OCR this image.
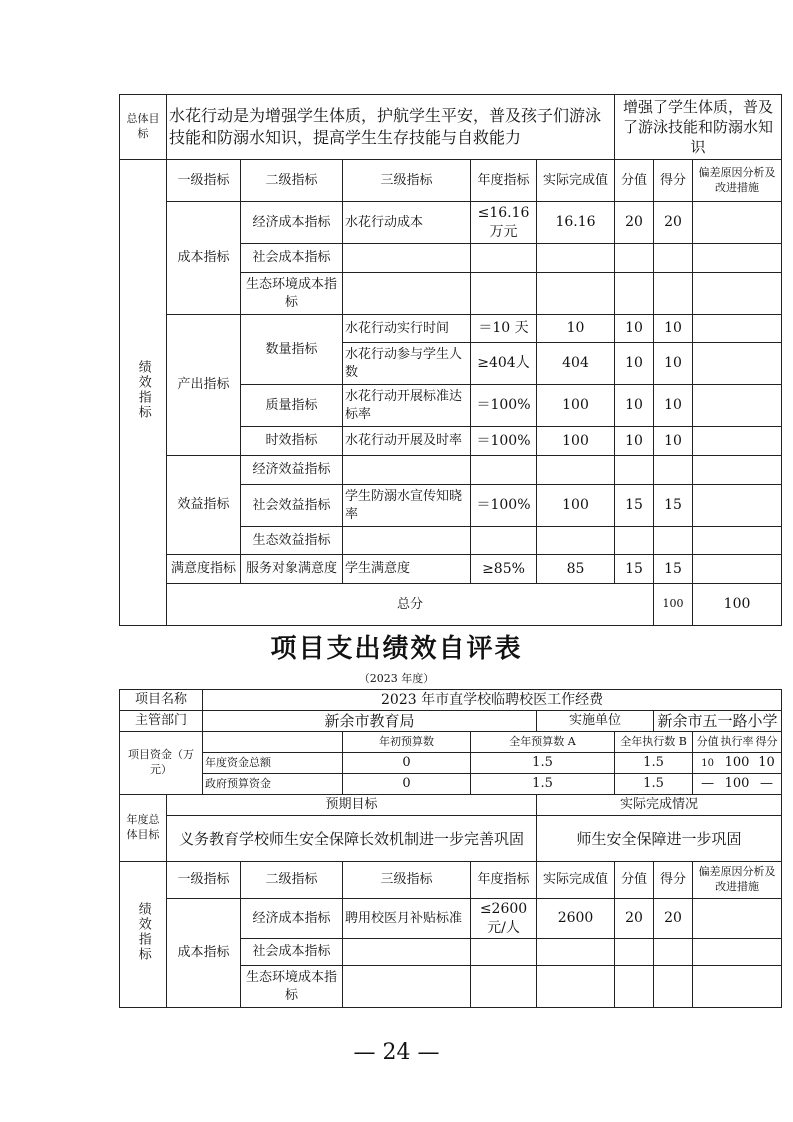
总体目标	水花行动是为增强学生体质，护航学生平安，普及孩子们游泳技能和防溺水知识，提高学生生存技能与自救能力					增强了学生体质，普及了游泳技能和防溺水知识			
绩效指标	一级指标	二级指标	三级指标	年度指标	实际完成值	分值	得分	偏差原因分析及改进措施	
	成本指标	经济成本指标	水花行动成本	≤16.16万元	16.16	20	20		
		社会成本指标							
		生态环境成本指标							
	产出指标	数量指标	水花行动实行时间	＝10 天	10	10	10		
			水花行动参与学生人数	≥404人	404	10	10		
		质量指标	水花行动开展标准达标率	＝100%	100	10	10		
		时效指标	水花行动开展及时率	＝100%	100	10	10		
	效益指标	经济效益指标							
		社会效益指标	学生防溺水宣传知晓率	＝100%	100	15	15		
		生态效益指标							
	满意度指标	服务对象满意度	学生满意度	≥85%	85	15	15		
	总分						100	100	
项目支出绩效自评表
（2023 年度）
项目名称		2023 年市直学校临聘校医工作经费							
主管部门		新余市教育局				实施单位		新余市五一路小学	
项目资金（万元）				年初预算数	全年预算数 A		全年执行数 B		分值 执行率 得分
		年度资金总额		0	1.5		1.5		10 100 10
		政府预算资金		0	1.5		1.5		— 100 —
年度总体目标	预期目标					实际完成情况			
	义务教育学校师生安全保障长效机制进一步完善巩固					师生安全保障进一步巩固			
绩效指标	一级指标		二级指标	三级指标	年度指标	实际完成值	分值	得分	偏差原因分析及改进措施
	成本指标		经济成本指标	聘用校医月补贴标准	≤2600元/人	2600	20	20	
			社会成本指标						
			生态环境成本指标						
— 24 —
